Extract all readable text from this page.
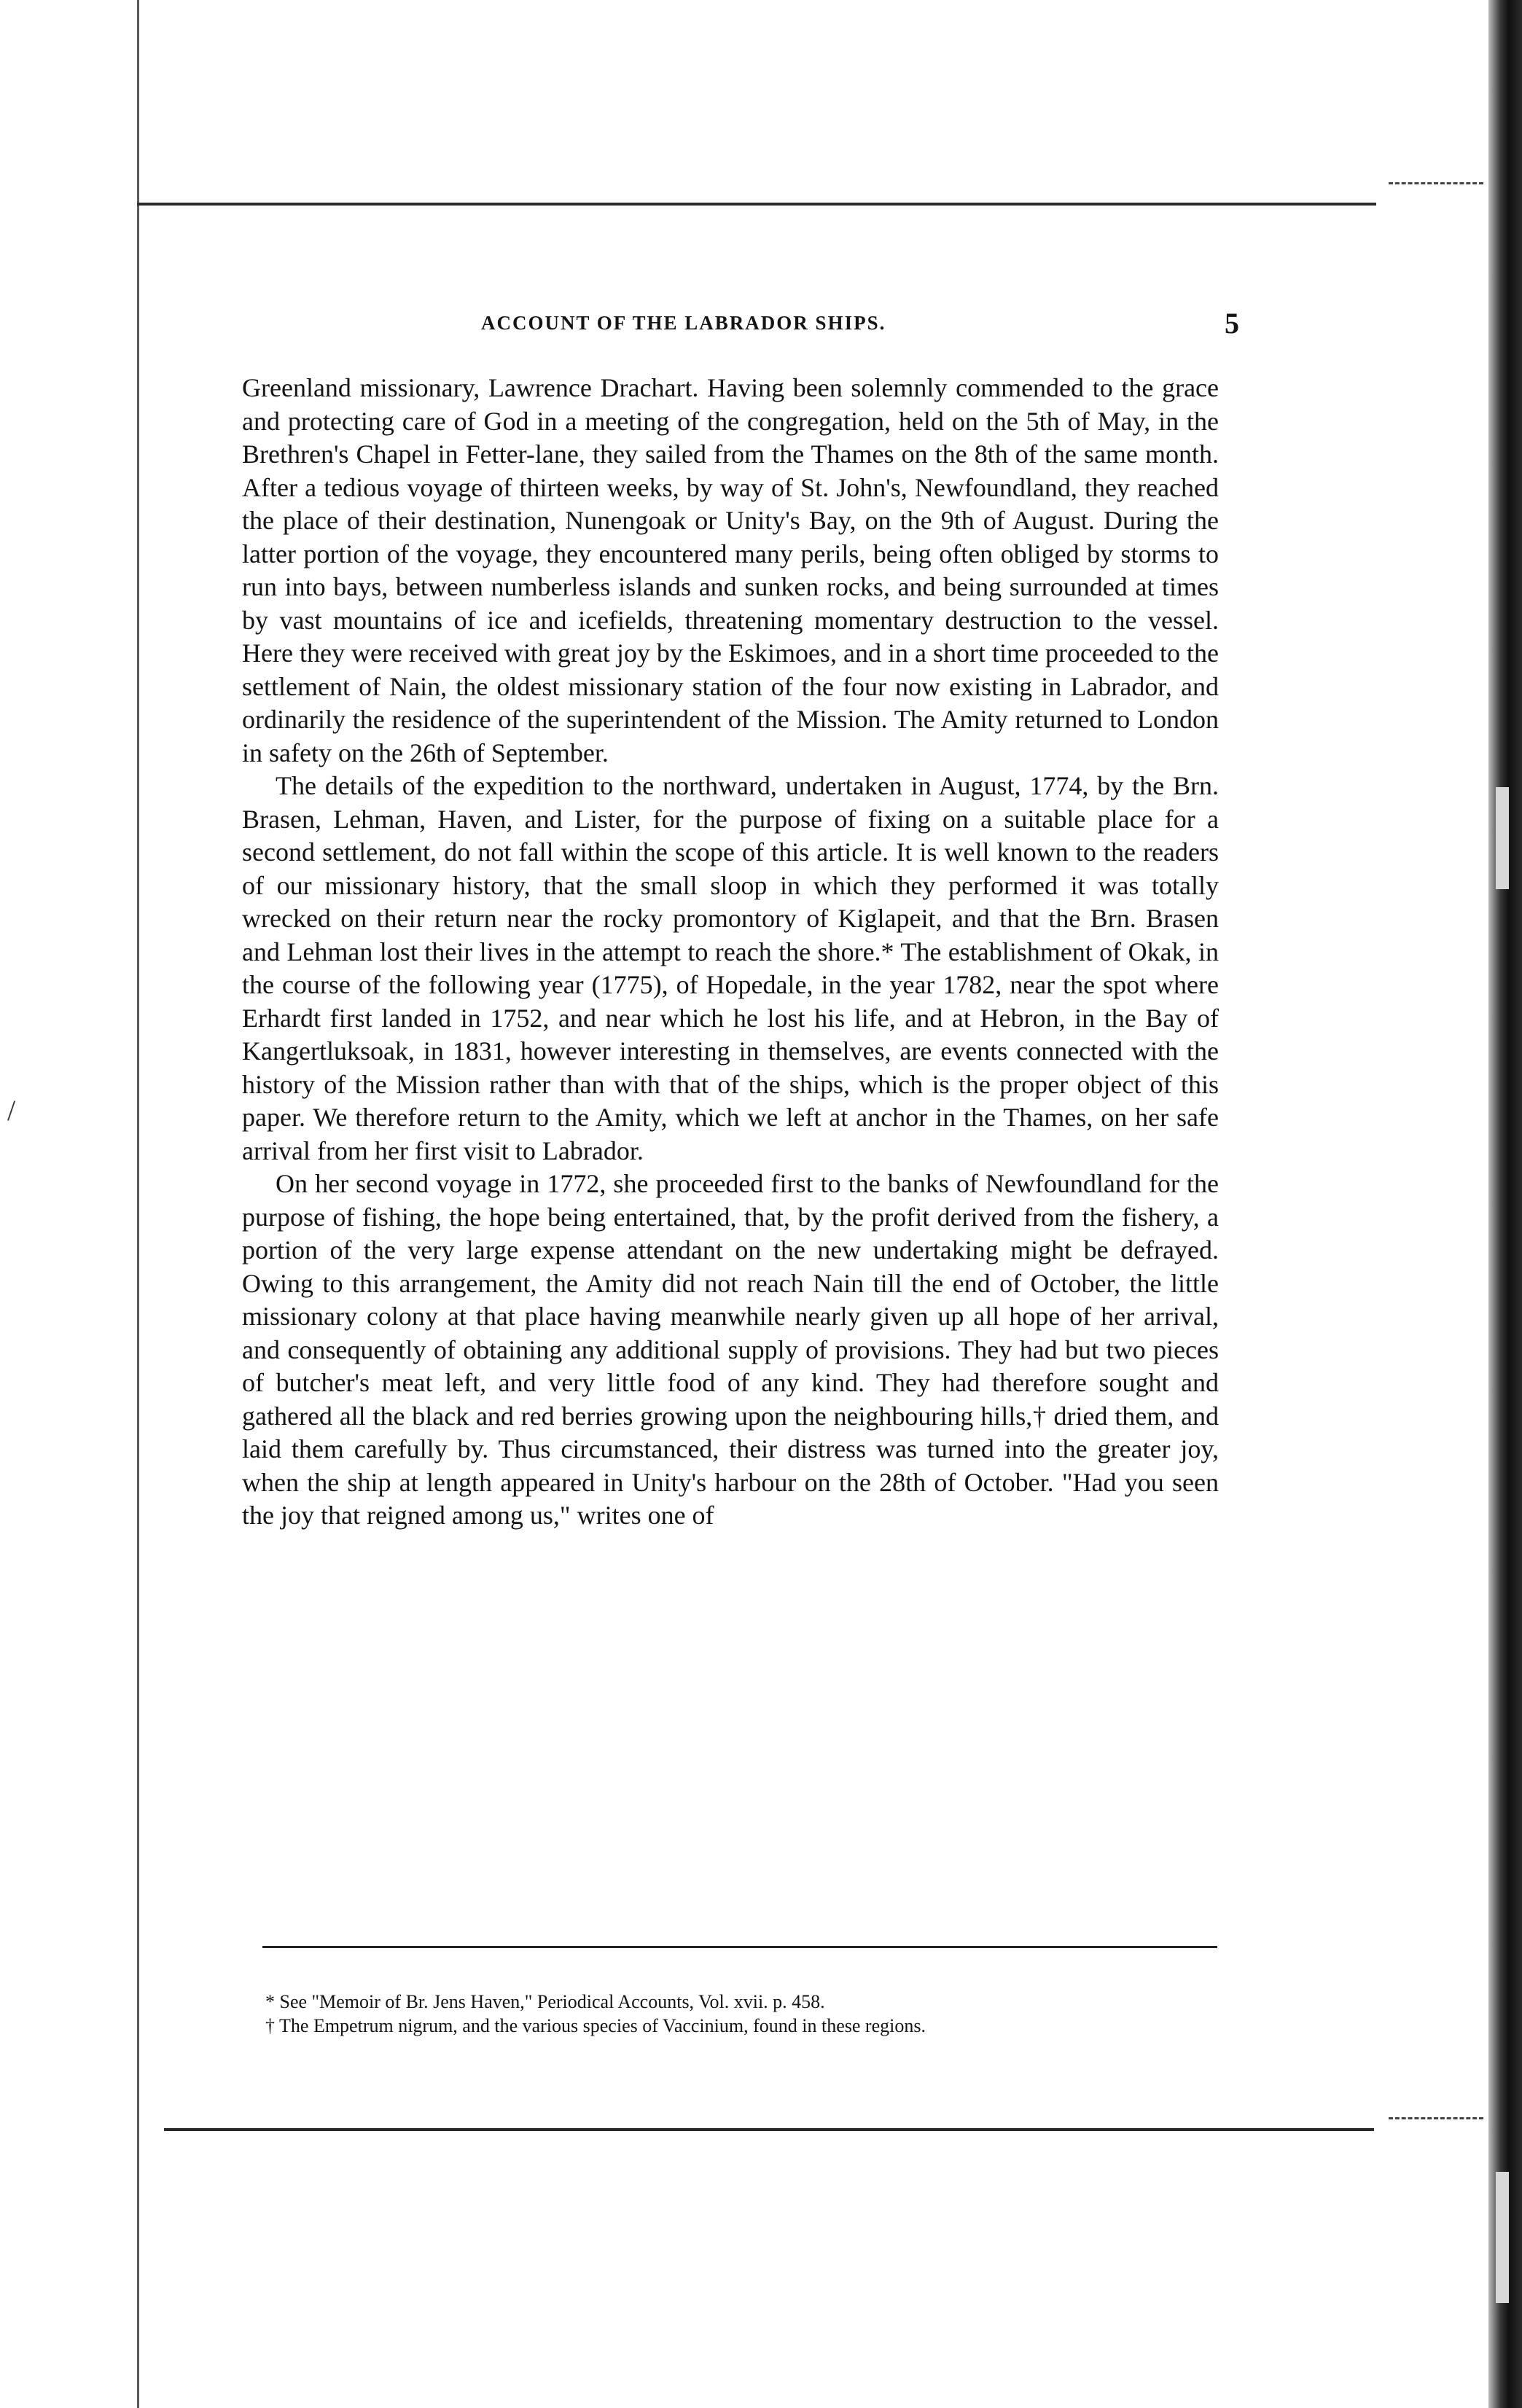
/
ACCOUNT OF THE LABRADOR SHIPS.	5

Greenland missionary, Lawrence Drachart. Having been solemnly commended to the grace and protecting care of God in a meeting of the congregation, held on the 5th of May, in the Brethren's Chapel in Fetter-lane, they sailed from the Thames on the 8th of the same month. After a tedious voyage of thirteen weeks, by way of St. John's, Newfoundland, they reached the place of their destination, Nunengoak or Unity's Bay, on the 9th of August. During the latter portion of the voyage, they encountered many perils, being often obliged by storms to run into bays, between numberless islands and sunken rocks, and being surrounded at times by vast mountains of ice and icefields, threatening momentary destruction to the vessel. Here they were received with great joy by the Eskimoes, and in a short time proceeded to the settlement of Nain, the oldest missionary station of the four now existing in Labrador, and ordinarily the residence of the superintendent of the Mission. The Amity returned to London in safety on the 26th of September.

The details of the expedition to the northward, undertaken in August, 1774, by the Brn. Brasen, Lehman, Haven, and Lister, for the purpose of fixing on a suitable place for a second settlement, do not fall within the scope of this article. It is well known to the readers of our missionary history, that the small sloop in which they performed it was totally wrecked on their return near the rocky promontory of Kiglapeit, and that the Brn. Brasen and Lehman lost their lives in the attempt to reach the shore.* The establishment of Okak, in the course of the following year (1775), of Hopedale, in the year 1782, near the spot where Erhardt first landed in 1752, and near which he lost his life, and at Hebron, in the Bay of Kangertluksoak, in 1831, however interesting in themselves, are events connected with the history of the Mission rather than with that of the ships, which is the proper object of this paper. We therefore return to the Amity, which we left at anchor in the Thames, on her safe arrival from her first visit to Labrador.

On her second voyage in 1772, she proceeded first to the banks of Newfoundland for the purpose of fishing, the hope being entertained, that, by the profit derived from the fishery, a portion of the very large expense attendant on the new undertaking might be defrayed. Owing to this arrangement, the Amity did not reach Nain till the end of October, the little missionary colony at that place having meanwhile nearly given up all hope of her arrival, and consequently of obtaining any additional supply of provisions. They had but two pieces of butcher's meat left, and very little food of any kind. They had therefore sought and gathered all the black and red berries growing upon the neighbouring hills,† dried them, and laid them carefully by. Thus circumstanced, their distress was turned into the greater joy, when the ship at length appeared in Unity's harbour on the 28th of October. "Had you seen the joy that reigned among us," writes one of

* See "Memoir of Br. Jens Haven," Periodical Accounts, Vol. xvii. p. 458.

† The Empetrum nigrum, and the various species of Vaccinium, found in these regions.
